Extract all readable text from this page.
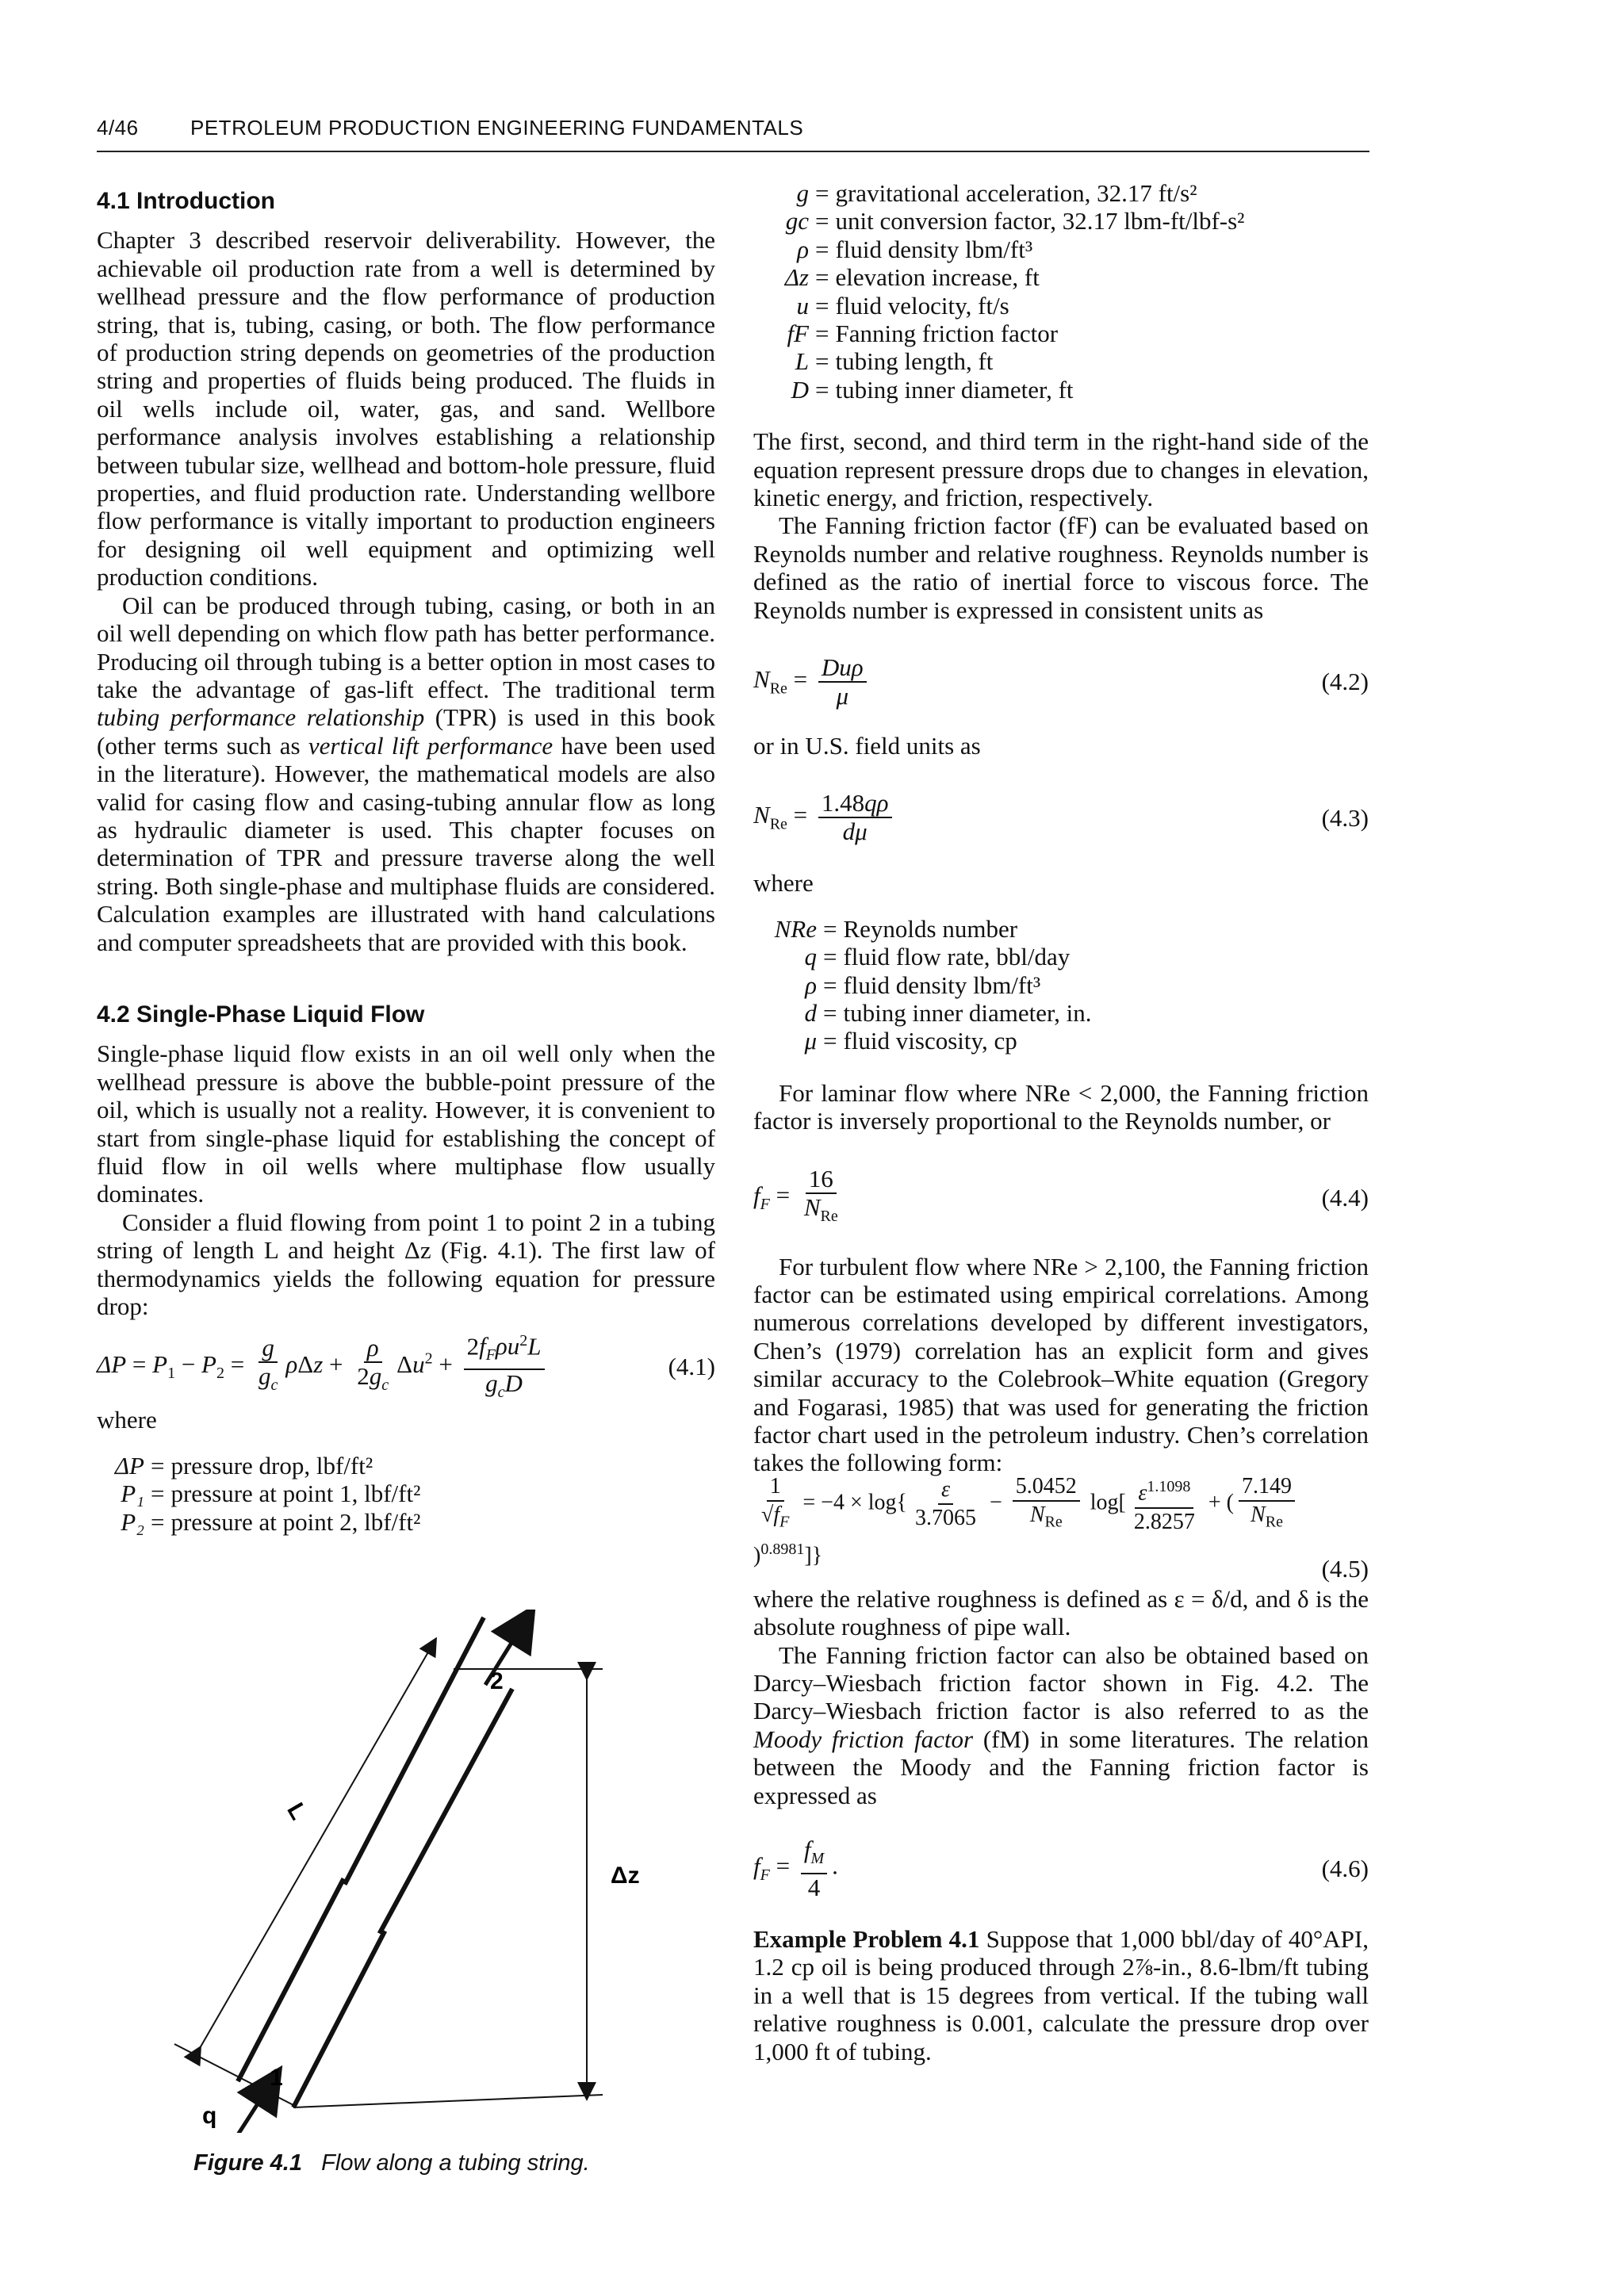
4/46	PETROLEUM PRODUCTION ENGINEERING FUNDAMENTALS
4.1 Introduction

Chapter 3 described reservoir deliverability. However, the achievable oil production rate from a well is determined by wellhead pressure and the flow performance of production string, that is, tubing, casing, or both. The flow performance of production string depends on geometries of the production string and properties of fluids being produced. The fluids in oil wells include oil, water, gas, and sand. Wellbore performance analysis involves establishing a relationship between tubular size, wellhead and bottom-hole pressure, fluid properties, and fluid production rate. Understanding wellbore flow performance is vitally important to production engineers for designing oil well equipment and optimizing well production conditions.

Oil can be produced through tubing, casing, or both in an oil well depending on which flow path has better performance. Producing oil through tubing is a better option in most cases to take the advantage of gas-lift effect. The traditional term tubing performance relationship (TPR) is used in this book (other terms such as vertical lift performance have been used in the literature). However, the mathematical models are also valid for casing flow and casing-tubing annular flow as long as hydraulic diameter is used. This chapter focuses on determination of TPR and pressure traverse along the well string. Both single-phase and multiphase fluids are considered. Calculation examples are illustrated with hand calculations and computer spreadsheets that are provided with this book.

4.2 Single-Phase Liquid Flow

Single-phase liquid flow exists in an oil well only when the wellhead pressure is above the bubble-point pressure of the oil, which is usually not a reality. However, it is convenient to start from single-phase liquid for establishing the concept of fluid flow in oil wells where multiphase flow usually dominates.

Consider a fluid flowing from point 1 to point 2 in a tubing string of length L and height Δz (Fig. 4.1). The first law of thermodynamics yields the following equation for pressure drop:

$\Delta P = P_1 - P_2 = \frac{g}{g_c}$ $\rho\Delta z + \frac{\rho}{2g_c} \Delta u^2 + \frac{2f_F\rho u^2L}{g_cD}$	(4.1)

where

ΔP = pressure drop, lbf/ft²
P₁ = pressure at point 1, lbf/ft²
P₂ = pressure at point 2, lbf/ft²
2
1
L
Δz
q
Figure 4.1 Flow along a tubing string.
g = gravitational acceleration, 32.17 ft/s²
gc = unit conversion factor, 32.17 lbm-ft/lbf-s²
ρ = fluid density lbm/ft³
Δz = elevation increase, ft
u = fluid velocity, ft/s
fF = Fanning friction factor
L = tubing length, ft
D = tubing inner diameter, ft

The first, second, and third term in the right-hand side of the equation represent pressure drops due to changes in elevation, kinetic energy, and friction, respectively.

The Fanning friction factor (fF) can be evaluated based on Reynolds number and relative roughness. Reynolds number is defined as the ratio of inertial force to viscous force. The Reynolds number is expressed in consistent units as

$N_{Re} = \frac{\text{Duρ}}{\mu}$	(4.2)

or in U.S. field units as

$N_{Re} = \frac{1.48q\rho}{d\mu}$	(4.3)

where

NRe = Reynolds number
q = fluid flow rate, bbl/day
ρ = fluid density lbm/ft³
d = tubing inner diameter, in.
μ = fluid viscosity, cp

For laminar flow where NRe < 2,000, the Fanning friction factor is inversely proportional to the Reynolds number, or

$f_F = \frac{16}{N_{Re}}$	(4.4)

For turbulent flow where NRe > 2,100, the Fanning friction factor can be estimated using empirical correlations. Among numerous correlations developed by different investigators, Chen’s (1979) correlation has an explicit form and gives similar accuracy to the Colebrook–White equation (Gregory and Fogarasi, 1985) that was used for generating the friction factor chart used in the petroleum industry. Chen’s correlation takes the following form:

$\frac{1}{√f_F} = -4 \times \log\{ \frac{\varepsilon}{3.7065} - \frac{5.0452}{N_{Re}} \log[ \frac{\varepsilon^{1.1098}}{2.8257}$ + ( $\frac{7.149}{N_{Re}}$
)$^{0.8981}$]}	(4.5)

where the relative roughness is defined as ε = δ/d, and δ is the absolute roughness of pipe wall.

The Fanning friction factor can also be obtained based on Darcy–Wiesbach friction factor shown in Fig. 4.2. The Darcy–Wiesbach friction factor is also referred to as the Moody friction factor (fM) in some literatures. The relation between the Moody and the Fanning friction factor is expressed as

$f_F = \frac{f_M}{4}$ .	(4.6)

Example Problem 4.1 Suppose that 1,000 bbl/day of 40°API, 1.2 cp oil is being produced through 2⅞-in., 8.6-lbm/ft tubing in a well that is 15 degrees from vertical. If the tubing wall relative roughness is 0.001, calculate the pressure drop over 1,000 ft of tubing.
